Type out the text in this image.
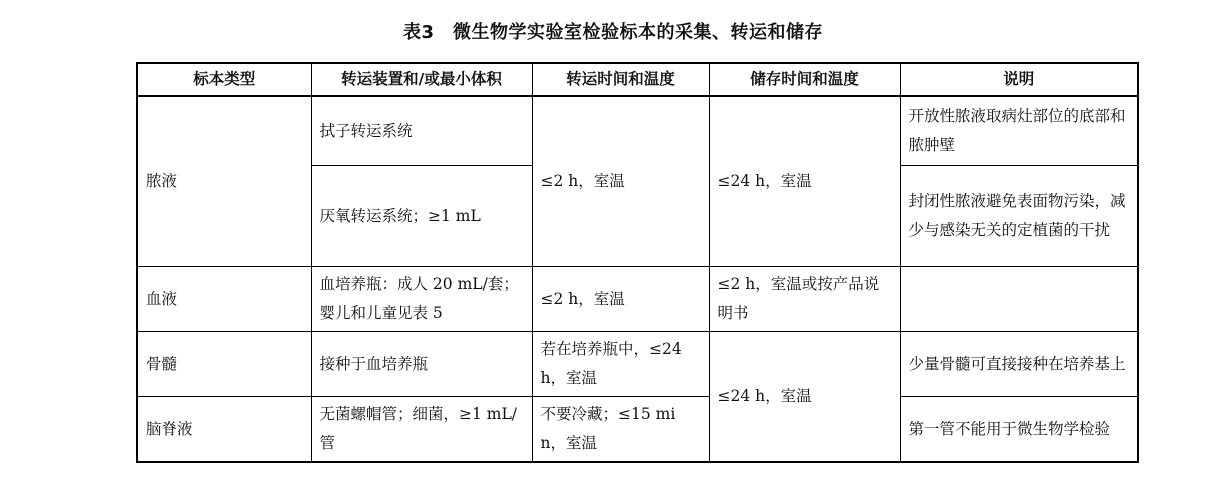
表3　微生物学实验室检验标本的采集、转运和储存
标本类型	转运装置和/或最小体积	转运时间和温度	储存时间和温度	说明
脓液	拭子转运系统	≤2 h，室温	≤24 h，室温	开放性脓液取病灶部位的底部和脓肿壁
	厌氧转运系统；≥1 mL			封闭性脓液避免表面物污染，减少与感染无关的定植菌的干扰
血液	血培养瓶：成人 20 mL/套；婴儿和儿童见表 5	≤2 h，室温	≤2 h，室温或按产品说明书	
骨髓	接种于血培养瓶	若在培养瓶中，≤24 h，室温	≤24 h，室温	少量骨髓可直接接种在培养基上
脑脊液	无菌螺帽管；细菌，≥1 mL/管	不要冷藏；≤15 min，室温		第一管不能用于微生物学检验
